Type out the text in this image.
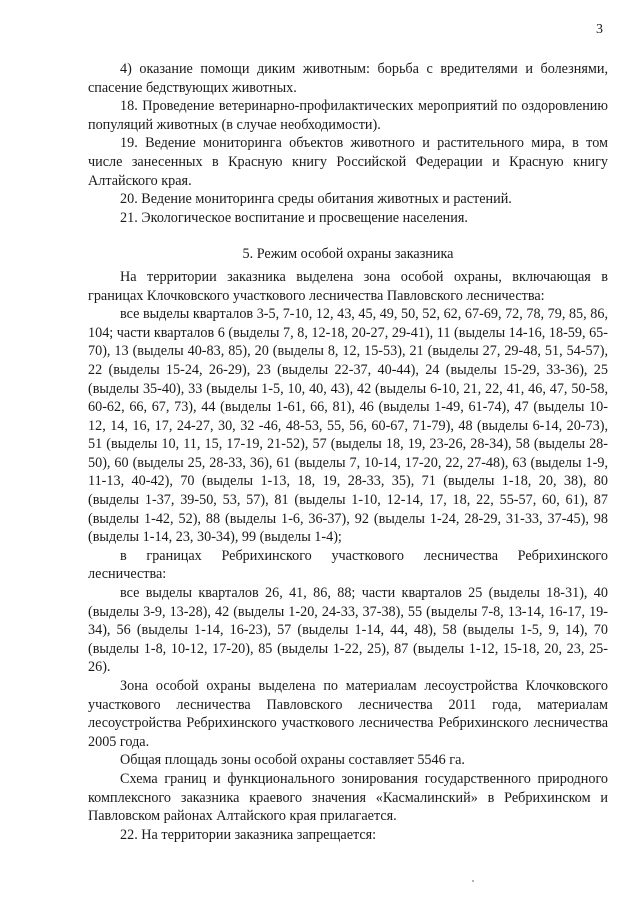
3

4) оказание помощи диким животным: борьба с вредителями и болезнями, спасение бедствующих животных.

18. Проведение ветеринарно-профилактических мероприятий по оздоровлению популяций животных (в случае необходимости).

19. Ведение мониторинга объектов животного и растительного мира, в том числе занесенных в Красную книгу Российской Федерации и Красную книгу Алтайского края.

20. Ведение мониторинга среды обитания животных и растений.

21. Экологическое воспитание и просвещение населения.

5. Режим особой охраны заказника

На территории заказника выделена зона особой охраны, включающая в границах Клочковского участкового лесничества Павловского лесничества:

все выделы кварталов 3-5, 7-10, 12, 43, 45, 49, 50, 52, 62, 67-69, 72, 78, 79, 85, 86, 104; части кварталов 6 (выделы 7, 8, 12-18, 20-27, 29-41), 11 (выделы 14-16, 18-59, 65-70), 13 (выделы 40-83, 85), 20 (выделы 8, 12, 15-53), 21 (выделы 27, 29-48, 51, 54-57), 22 (выделы 15-24, 26-29), 23 (выделы 22-37, 40-44), 24 (выделы 15-29, 33-36), 25 (выделы 35-40), 33 (выделы 1-5, 10, 40, 43), 42 (выделы 6-10, 21, 22, 41, 46, 47, 50-58, 60-62, 66, 67, 73), 44 (выделы 1-61, 66, 81), 46 (выделы 1-49, 61-74), 47 (выделы 10-12, 14, 16, 17, 24-27, 30, 32 -46, 48-53, 55, 56, 60-67, 71-79), 48 (выделы 6-14, 20-73), 51 (выделы 10, 11, 15, 17-19, 21-52), 57 (выделы 18, 19, 23-26, 28-34), 58 (выделы 28-50), 60 (выделы 25, 28-33, 36), 61 (выделы 7, 10-14, 17-20, 22, 27-48), 63 (выделы 1-9, 11-13, 40-42), 70 (выделы 1-13, 18, 19, 28-33, 35), 71 (выделы 1-18, 20, 38), 80 (выделы 1-37, 39-50, 53, 57), 81 (выделы 1-10, 12-14, 17, 18, 22, 55-57, 60, 61), 87 (выделы 1-42, 52), 88 (выделы 1-6, 36-37), 92 (выделы 1-24, 28-29, 31-33, 37-45), 98 (выделы 1-14, 23, 30-34), 99 (выделы 1-4);

в границах Ребрихинского участкового лесничества Ребрихинского лесничества:

все выделы кварталов 26, 41, 86, 88; части кварталов 25 (выделы 18-31), 40 (выделы 3-9, 13-28), 42 (выделы 1-20, 24-33, 37-38), 55 (выделы 7-8, 13-14, 16-17, 19-34), 56 (выделы 1-14, 16-23), 57 (выделы 1-14, 44, 48), 58 (выделы 1-5, 9, 14), 70 (выделы 1-8, 10-12, 17-20), 85 (выделы 1-22, 25), 87 (выделы 1-12, 15-18, 20, 23, 25-26).

Зона особой охраны выделена по материалам лесоустройства Клочковского участкового лесничества Павловского лесничества 2011 года, материалам лесоустройства Ребрихинского участкового лесничества Ребрихинского лесничества 2005 года.

Общая площадь зоны особой охраны составляет 5546 га.

Схема границ и функционального зонирования государственного природного комплексного заказника краевого значения «Касмалинский» в Ребрихинском и Павловском районах Алтайского края прилагается.

22. На территории заказника запрещается:
